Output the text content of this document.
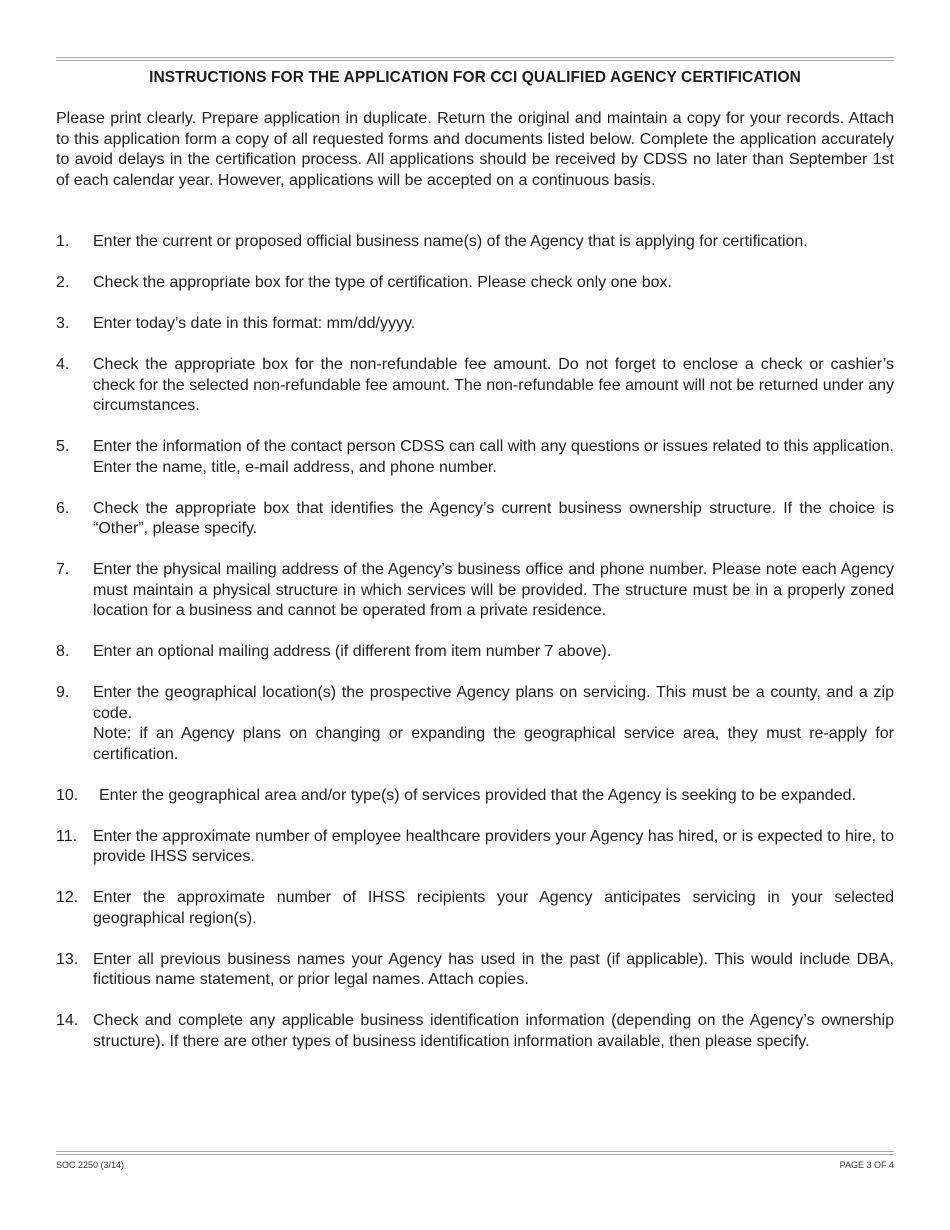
INSTRUCTIONS FOR THE APPLICATION FOR CCI QUALIFIED AGENCY CERTIFICATION

Please print clearly. Prepare application in duplicate. Return the original and maintain a copy for your records. Attach to this application form a copy of all requested forms and documents listed below. Complete the application accurately to avoid delays in the certification process. All applications should be received by CDSS no later than September 1st of each calendar year. However, applications will be accepted on a continuous basis.

1.	Enter the current or proposed official business name(s) of the Agency that is applying for certification.
2.	Check the appropriate box for the type of certification. Please check only one box.
3.	Enter today’s date in this format: mm/dd/yyyy.
4.	Check the appropriate box for the non-refundable fee amount. Do not forget to enclose a check or cashier’s check for the selected non-refundable fee amount. The non-refundable fee amount will not be returned under any circumstances.
5.	Enter the information of the contact person CDSS can call with any questions or issues related to this application. Enter the name, title, e-mail address, and phone number.
6.	Check the appropriate box that identifies the Agency’s current business ownership structure. If the choice is “Other”, please specify.
7.	Enter the physical mailing address of the Agency’s business office and phone number. Please note each Agency must maintain a physical structure in which services will be provided. The structure must be in a properly zoned location for a business and cannot be operated from a private residence.
8.	Enter an optional mailing address (if different from item number 7 above).
9.	Enter the geographical location(s) the prospective Agency plans on servicing. This must be a county, and a zip code.
Note: if an Agency plans on changing or expanding the geographical service area, they must re-apply for certification.
10.	Enter the geographical area and/or type(s) of services provided that the Agency is seeking to be expanded.
11. Enter the approximate number of employee healthcare providers your Agency has hired, or is expected to hire, to provide IHSS services.
12. Enter the approximate number of IHSS recipients your Agency anticipates servicing in your selected geographical region(s).
13. Enter all previous business names your Agency has used in the past (if applicable). This would include DBA, fictitious name statement, or prior legal names. Attach copies.
14. Check and complete any applicable business identification information (depending on the Agency’s ownership structure). If there are other types of business identification information available, then please specify.
SOC 2250 (3/14)	PAGE 3 OF 4
